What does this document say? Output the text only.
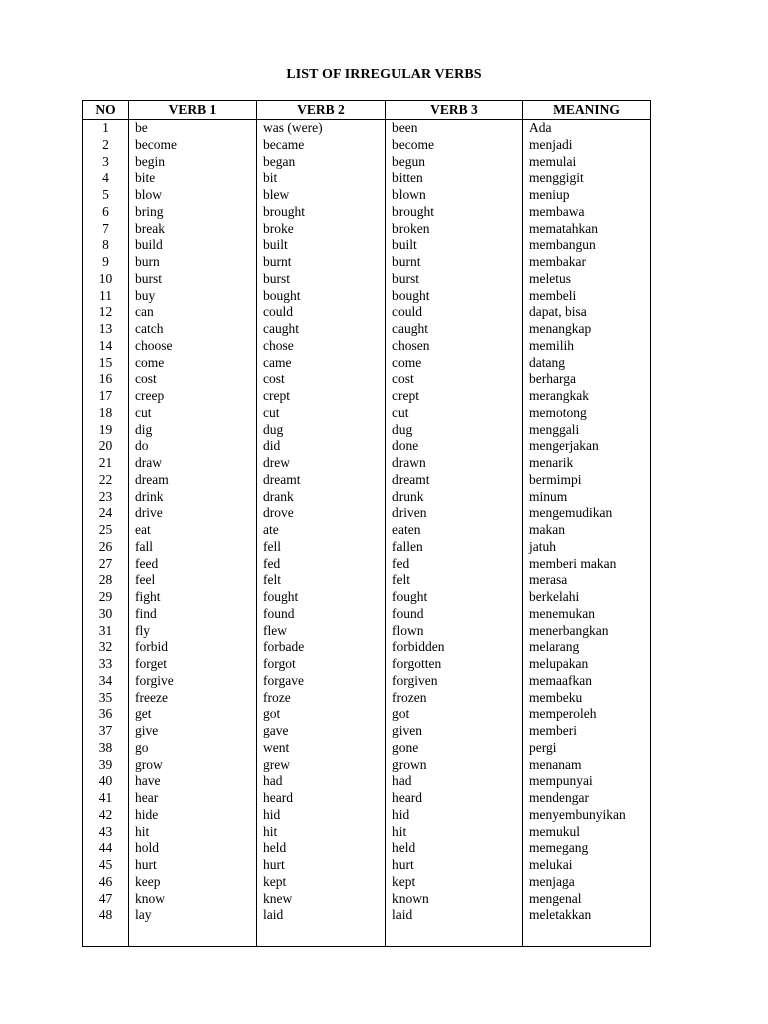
LIST OF IRREGULAR VERBS
NO	VERB 1	VERB 2	VERB 3	MEANING
1	be	was (were)	been	Ada
2	become	became	become	menjadi
3	begin	began	begun	memulai
4	bite	bit	bitten	menggigit
5	blow	blew	blown	meniup
6	bring	brought	brought	membawa
7	break	broke	broken	mematahkan
8	build	built	built	membangun
9	burn	burnt	burnt	membakar
10	burst	burst	burst	meletus
11	buy	bought	bought	membeli
12	can	could	could	dapat, bisa
13	catch	caught	caught	menangkap
14	choose	chose	chosen	memilih
15	come	came	come	datang
16	cost	cost	cost	berharga
17	creep	crept	crept	merangkak
18	cut	cut	cut	memotong
19	dig	dug	dug	menggali
20	do	did	done	mengerjakan
21	draw	drew	drawn	menarik
22	dream	dreamt	dreamt	bermimpi
23	drink	drank	drunk	minum
24	drive	drove	driven	mengemudikan
25	eat	ate	eaten	makan
26	fall	fell	fallen	jatuh
27	feed	fed	fed	memberi makan
28	feel	felt	felt	merasa
29	fight	fought	fought	berkelahi
30	find	found	found	menemukan
31	fly	flew	flown	menerbangkan
32	forbid	forbade	forbidden	melarang
33	forget	forgot	forgotten	melupakan
34	forgive	forgave	forgiven	memaafkan
35	freeze	froze	frozen	membeku
36	get	got	got	memperoleh
37	give	gave	given	memberi
38	go	went	gone	pergi
39	grow	grew	grown	menanam
40	have	had	had	mempunyai
41	hear	heard	heard	mendengar
42	hide	hid	hid	menyembunyikan
43	hit	hit	hit	memukul
44	hold	held	held	memegang
45	hurt	hurt	hurt	melukai
46	keep	kept	kept	menjaga
47	know	knew	known	mengenal
48	lay	laid	laid	meletakkan
